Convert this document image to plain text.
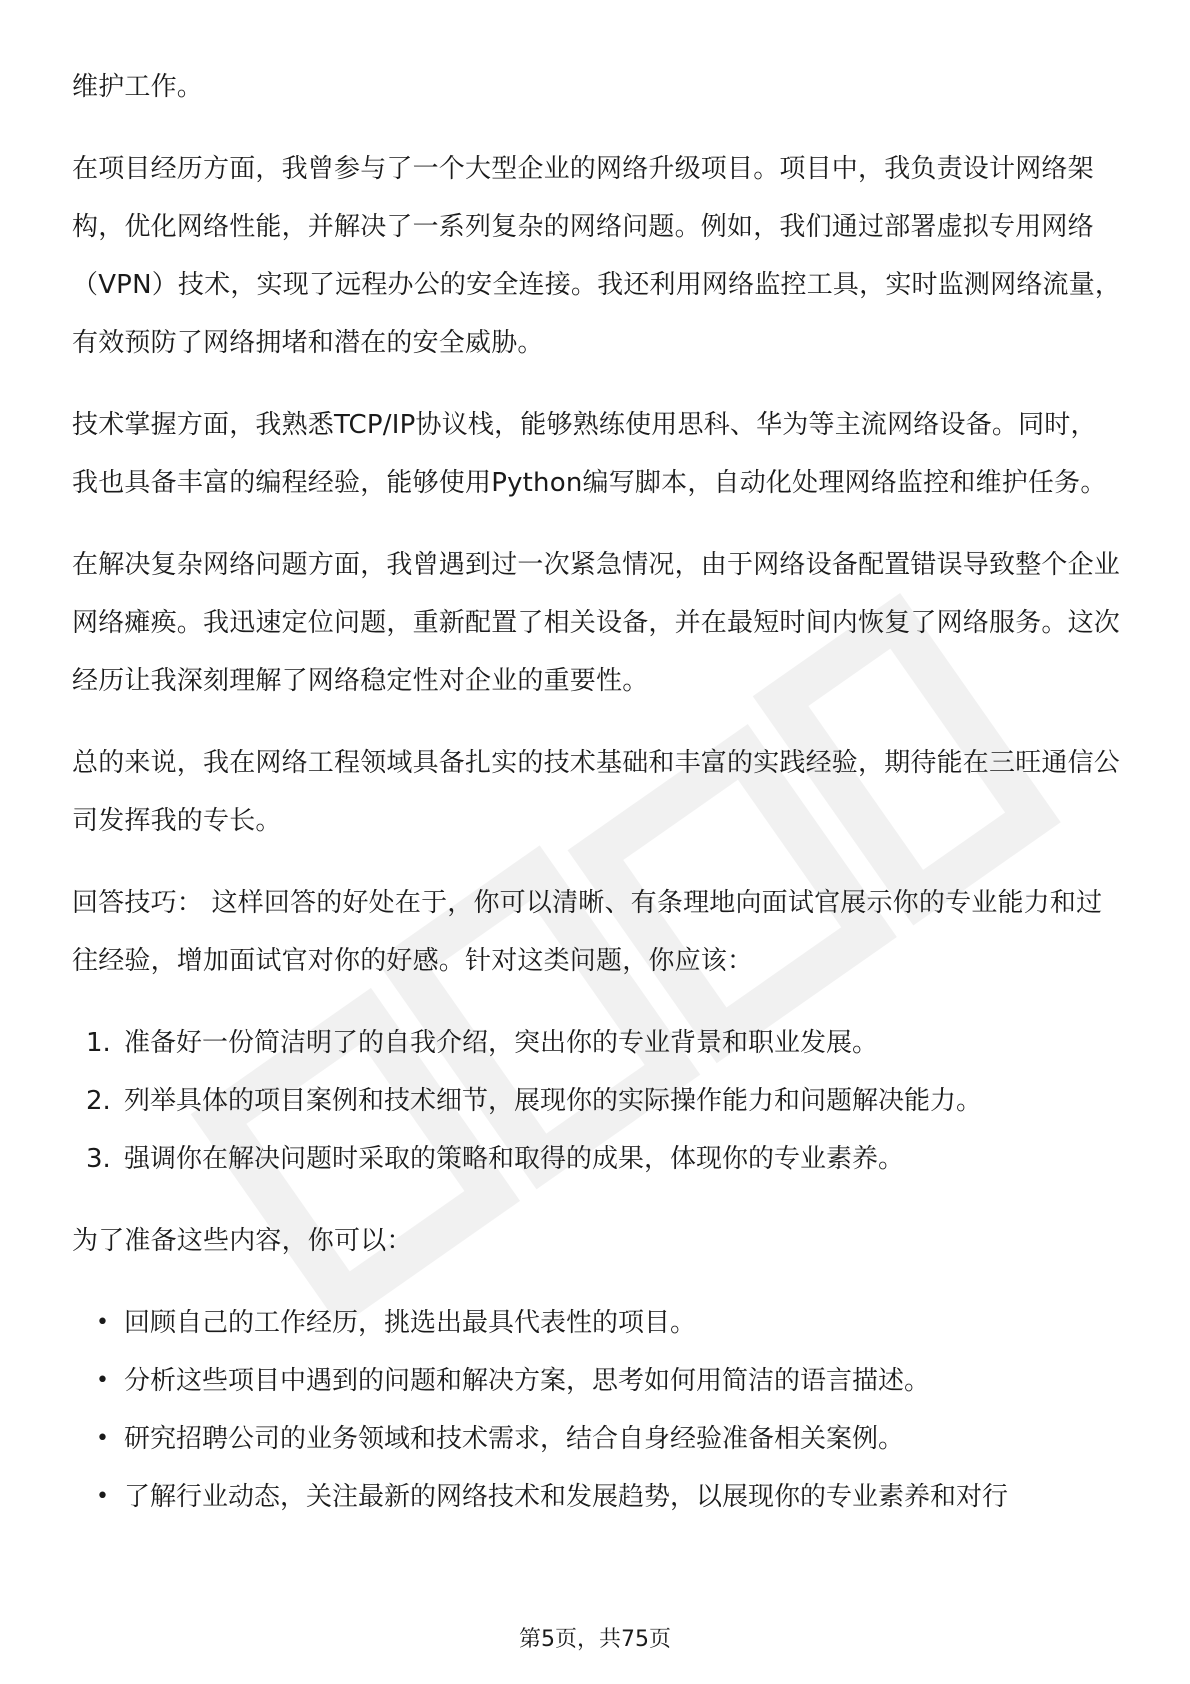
维护工作。

在项目经历方面，我曾参与了一个大型企业的网络升级项目。项目中，我负责设计网络架构，优化网络性能，并解决了一系列复杂的网络问题。例如，我们通过部署虚拟专用网络（VPN）技术，实现了远程办公的安全连接。我还利用网络监控工具，实时监测网络流量，有效预防了网络拥堵和潜在的安全威胁。

技术掌握方面，我熟悉TCP/IP协议栈，能够熟练使用思科、华为等主流网络设备。同时，我也具备丰富的编程经验，能够使用Python编写脚本，自动化处理网络监控和维护任务。

在解决复杂网络问题方面，我曾遇到过一次紧急情况，由于网络设备配置错误导致整个企业网络瘫痪。我迅速定位问题，重新配置了相关设备，并在最短时间内恢复了网络服务。这次经历让我深刻理解了网络稳定性对企业的重要性。

总的来说，我在网络工程领域具备扎实的技术基础和丰富的实践经验，期待能在三旺通信公司发挥我的专长。

回答技巧： 这样回答的好处在于，你可以清晰、有条理地向面试官展示你的专业能力和过往经验，增加面试官对你的好感。针对这类问题，你应该：

1. 准备好一份简洁明了的自我介绍，突出你的专业背景和职业发展。
2. 列举具体的项目案例和技术细节，展现你的实际操作能力和问题解决能力。
3. 强调你在解决问题时采取的策略和取得的成果，体现你的专业素养。

为了准备这些内容，你可以：

• 回顾自己的工作经历，挑选出最具代表性的项目。
• 分析这些项目中遇到的问题和解决方案，思考如何用简洁的语言描述。
• 研究招聘公司的业务领域和技术需求，结合自身经验准备相关案例。
• 了解行业动态，关注最新的网络技术和发展趋势，以展现你的专业素养和对行
第5页，共75页
